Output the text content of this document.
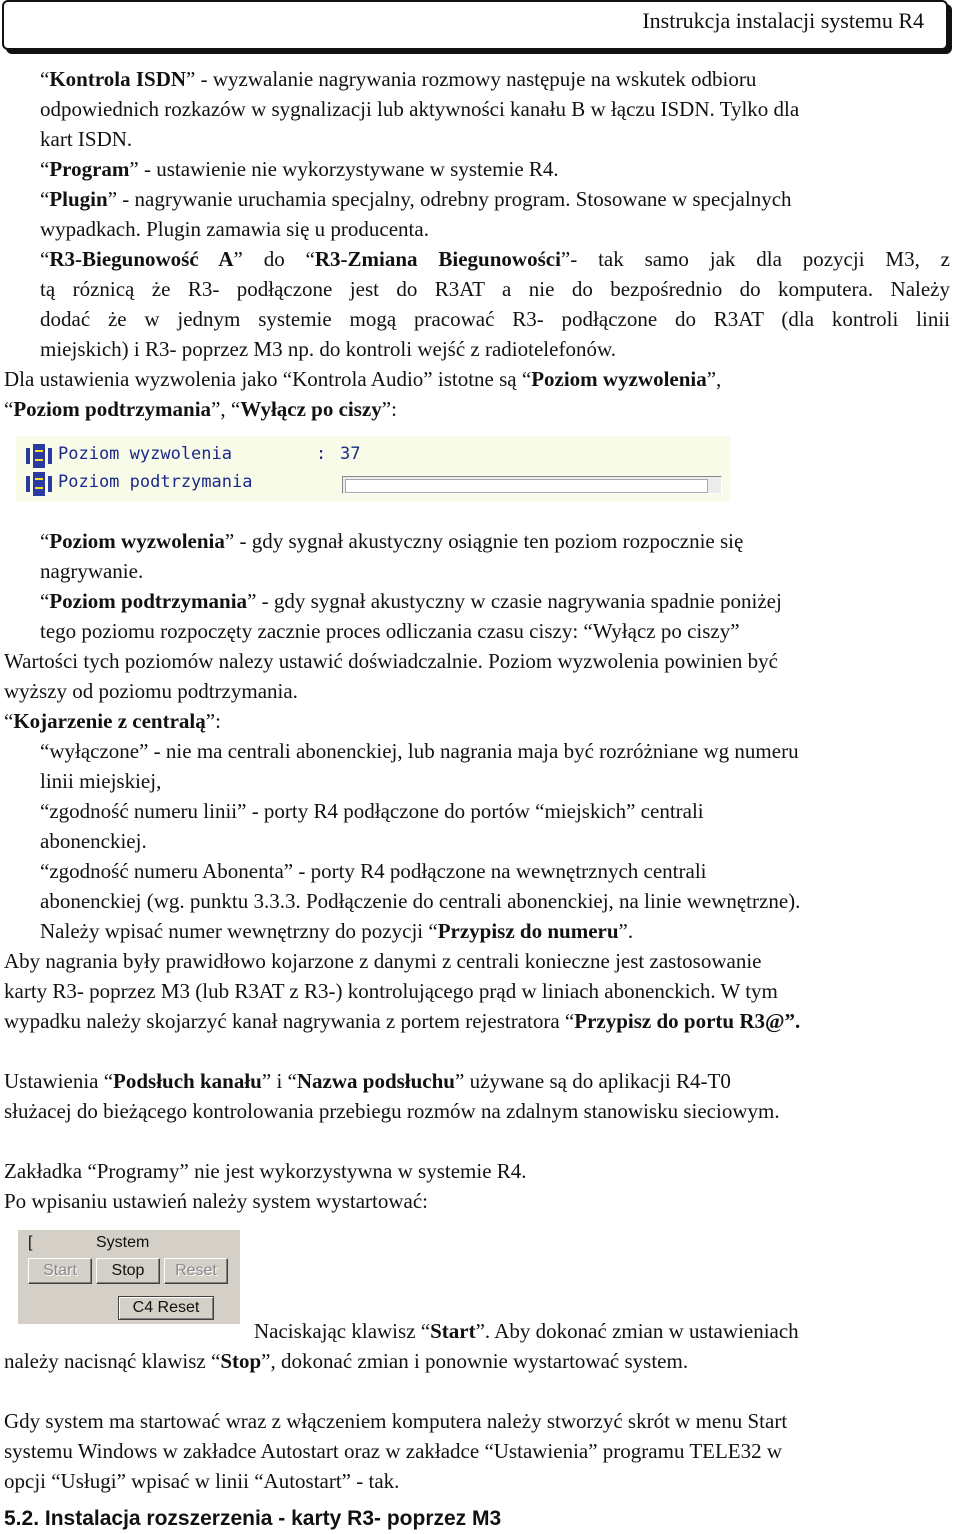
Instrukcja instalacji systemu R4

“Kontrola ISDN” - wyzwalanie nagrywania rozmowy następuje na wskutek odbioru

odpowiednich rozkazów w sygnalizacji lub aktywności kanału B w łączu ISDN. Tylko dla

kart ISDN.

“Program” - ustawienie nie wykorzystywane w systemie R4.

“Plugin” - nagrywanie uruchamia specjalny, odrebny program. Stosowane w specjalnych

wypadkach. Plugin zamawia się u producenta.

“R3-Biegunowość A” do “R3-Zmiana Biegunowości”- tak samo jak dla pozycji M3, z

tą róznicą że R3- podłączone jest do R3AT a nie do bezpośrednio do komputera. Należy

dodać że w jednym systemie mogą pracować R3- podłączone do R3AT (dla kontroli linii

miejskich) i R3- poprzez M3 np. do kontroli wejść z radiotelefonów.

Dla ustawienia wyzwolenia jako “Kontrola Audio” istotne są “Poziom wyzwolenia”,

“Poziom podtrzymania”, “Wyłącz po ciszy”:

Poziom wyzwolenia	: 37
Poziom podtrzymania

“Poziom wyzwolenia” - gdy sygnał akustyczny osiągnie ten poziom rozpocznie się

nagrywanie.

“Poziom podtrzymania” - gdy sygnał akustyczny w czasie nagrywania spadnie poniżej

tego poziomu rozpoczęty zacznie proces odliczania czasu ciszy: “Wyłącz po ciszy”

Wartości tych poziomów nalezy ustawić doświadczalnie. Poziom wyzwolenia powinien być

wyższy od poziomu podtrzymania.

“Kojarzenie z centralą”:

“wyłączone” - nie ma centrali abonenckiej, lub nagrania maja być rozróżniane wg numeru

linii miejskiej,

“zgodność numeru linii” - porty R4 podłączone do portów “miejskich” centrali

abonenckiej.

“zgodność numeru Abonenta” - porty R4 podłączone na wewnętrznych centrali

abonenckiej (wg. punktu 3.3.3. Podłączenie do centrali abonenckiej, na linie wewnętrzne).

Należy wpisać numer wewnętrzny do pozycji “Przypisz do numeru”.

Aby nagrania były prawidłowo kojarzone z danymi z centrali konieczne jest zastosowanie

karty R3- poprzez M3 (lub R3AT z R3-) kontrolującego prąd w liniach abonenckich. W tym

wypadku należy skojarzyć kanał nagrywania z portem rejestratora “Przypisz do portu R3@”.

Ustawienia “Podsłuch kanału” i “Nazwa podsłuchu” używane są do aplikacji R4-T0

służacej do bieżącego kontrolowania przebiegu rozmów na zdalnym stanowisku sieciowym.

Zakładka “Programy” nie jest wykorzystywna w systemie R4.

Po wpisaniu ustawień należy system wystartować:

[	System
Start	Stop	Reset
C4 Reset

Naciskając klawisz “Start”. Aby dokonać zmian w ustawieniach

należy nacisnąć klawisz “Stop”, dokonać zmian i ponownie wystartować system.

Gdy system ma startować wraz z włączeniem komputera należy stworzyć skrót w menu Start

systemu Windows w zakładce Autostart oraz w zakładce “Ustawienia” programu TELE32 w

opcji “Usługi” wpisać w linii “Autostart” - tak.

5.2. Instalacja rozszerzenia - karty R3- poprzez M3
